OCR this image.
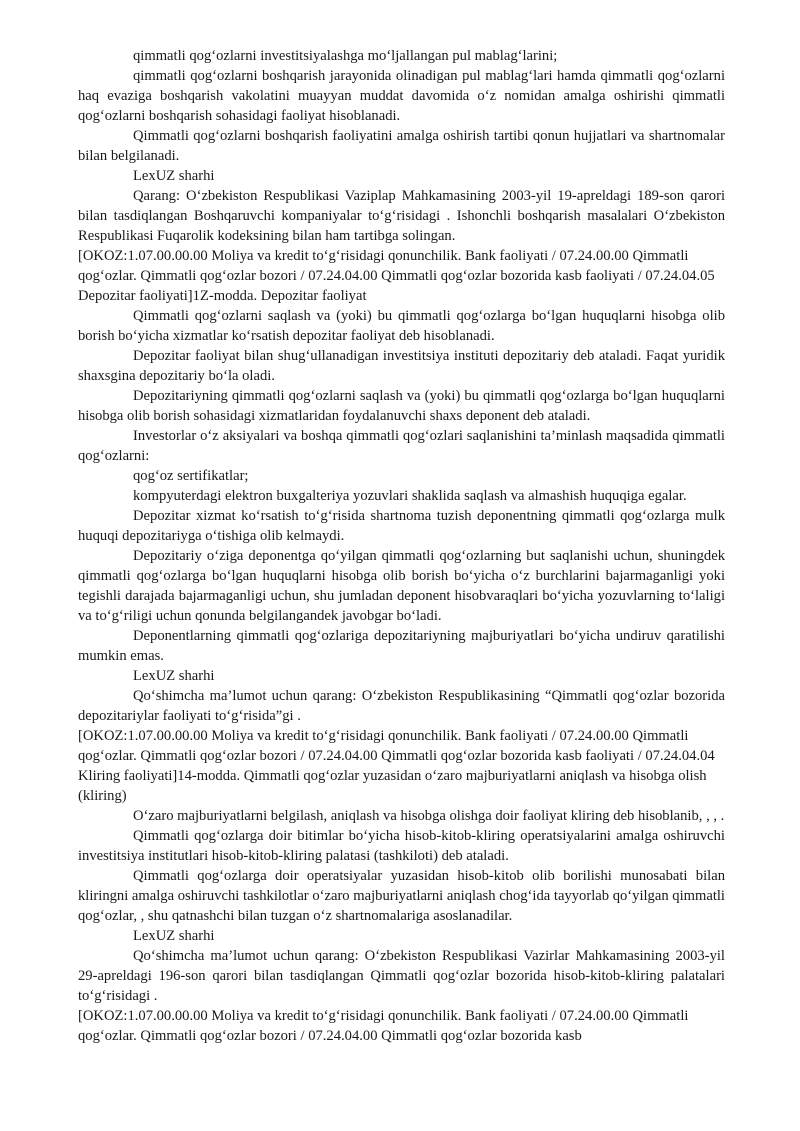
qimmatli qog‘ozlarni investitsiyalashga mo‘ljallangan pul mablag‘larini;

qimmatli qog‘ozlarni boshqarish jarayonida olinadigan pul mablag‘lari hamda qimmatli qog‘ozlarni haq evaziga boshqarish vakolatini muayyan muddat davomida o‘z nomidan amalga oshirishi qimmatli qog‘ozlarni boshqarish sohasidagi faoliyat hisoblanadi.

Qimmatli qog‘ozlarni boshqarish faoliyatini amalga oshirish tartibi qonun hujjatlari va shartnomalar bilan belgilanadi.

LexUZ sharhi

Qarang: O‘zbekiston Respublikasi Vaziplap Mahkamasining 2003-yil 19-apreldagi 189-son qarori bilan tasdiqlangan Boshqaruvchi kompaniyalar to‘g‘risidagi . Ishonchli boshqarish masalalari O‘zbekiston Respublikasi Fuqarolik kodeksining bilan ham tartibga solingan.

[OKOZ:1.07.00.00.00 Moliya va kredit to‘g‘risidagi qonunchilik. Bank faoliyati / 07.24.00.00 Qimmatli qog‘ozlar. Qimmatli qog‘ozlar bozori / 07.24.04.00 Qimmatli qog‘ozlar bozorida kasb faoliyati / 07.24.04.05 Depozitar faoliyati]1Z-modda. Depozitar faoliyat

Qimmatli qog‘ozlarni saqlash va (yoki) bu qimmatli qog‘ozlarga bo‘lgan huquqlarni hisobga olib borish bo‘yicha xizmatlar ko‘rsatish depozitar faoliyat deb hisoblanadi.

Depozitar faoliyat bilan shug‘ullanadigan investitsiya instituti depozitariy deb ataladi. Faqat yuridik shaxsgina depozitariy bo‘la oladi.

Depozitariyning qimmatli qog‘ozlarni saqlash va (yoki) bu qimmatli qog‘ozlarga bo‘lgan huquqlarni hisobga olib borish sohasidagi xizmatlaridan foydalanuvchi shaxs deponent deb ataladi.

Investorlar o‘z aksiyalari va boshqa qimmatli qog‘ozlari saqlanishini ta’minlash maqsadida qimmatli qog‘ozlarni:

qog‘oz sertifikatlar;

kompyuterdagi elektron buxgalteriya yozuvlari shaklida saqlash va almashish huquqiga egalar.

Depozitar xizmat ko‘rsatish to‘g‘risida shartnoma tuzish deponentning qimmatli qog‘ozlarga mulk huquqi depozitariyga o‘tishiga olib kelmaydi.

Depozitariy o‘ziga deponentga qo‘yilgan qimmatli qog‘ozlarning but saqlanishi uchun, shuningdek qimmatli qog‘ozlarga bo‘lgan huquqlarni hisobga olib borish bo‘yicha o‘z burchlarini bajarmaganligi yoki tegishli darajada bajarmaganligi uchun, shu jumladan deponent hisobvaraqlari bo‘yicha yozuvlarning to‘laligi va to‘g‘riligi uchun qonunda belgilangandek javobgar bo‘ladi.

Deponentlarning qimmatli qog‘ozlariga depozitariyning majburiyatlari bo‘yicha undiruv qaratilishi mumkin emas.

LexUZ sharhi

Qo‘shimcha ma’lumot uchun qarang: O‘zbekiston Respublikasining “Qimmatli qog‘ozlar bozorida depozitariylar faoliyati to‘g‘risida”gi .

[OKOZ:1.07.00.00.00 Moliya va kredit to‘g‘risidagi qonunchilik. Bank faoliyati / 07.24.00.00 Qimmatli qog‘ozlar. Qimmatli qog‘ozlar bozori / 07.24.04.00 Qimmatli qog‘ozlar bozorida kasb faoliyati / 07.24.04.04 Kliring faoliyati]14-modda. Qimmatli qog‘ozlar yuzasidan o‘zaro majburiyatlarni aniqlash va hisobga olish (kliring)

O‘zaro majburiyatlarni belgilash, aniqlash va hisobga olishga doir faoliyat kliring deb hisoblanib, , , .

Qimmatli qog‘ozlarga doir bitimlar bo‘yicha hisob-kitob-kliring operatsiyalarini amalga oshiruvchi investitsiya institutlari hisob-kitob-kliring palatasi (tashkiloti) deb ataladi.

Qimmatli qog‘ozlarga doir operatsiyalar yuzasidan hisob-kitob olib borilishi munosabati bilan kliringni amalga oshiruvchi tashkilotlar o‘zaro majburiyatlarni aniqlash chog‘ida tayyorlab qo‘yilgan qimmatli qog‘ozlar, , shu qatnashchi bilan tuzgan o‘z shartnomalariga asoslanadilar.

LexUZ sharhi

Qo‘shimcha ma’lumot uchun qarang: O‘zbekiston Respublikasi Vazirlar Mahkamasining 2003-yil 29-apreldagi 196-son qarori bilan tasdiqlangan Qimmatli qog‘ozlar bozorida hisob-kitob-kliring palatalari to‘g‘risidagi .

[OKOZ:1.07.00.00.00 Moliya va kredit to‘g‘risidagi qonunchilik. Bank faoliyati / 07.24.00.00 Qimmatli qog‘ozlar. Qimmatli qog‘ozlar bozori / 07.24.04.00 Qimmatli qog‘ozlar bozorida kasb
